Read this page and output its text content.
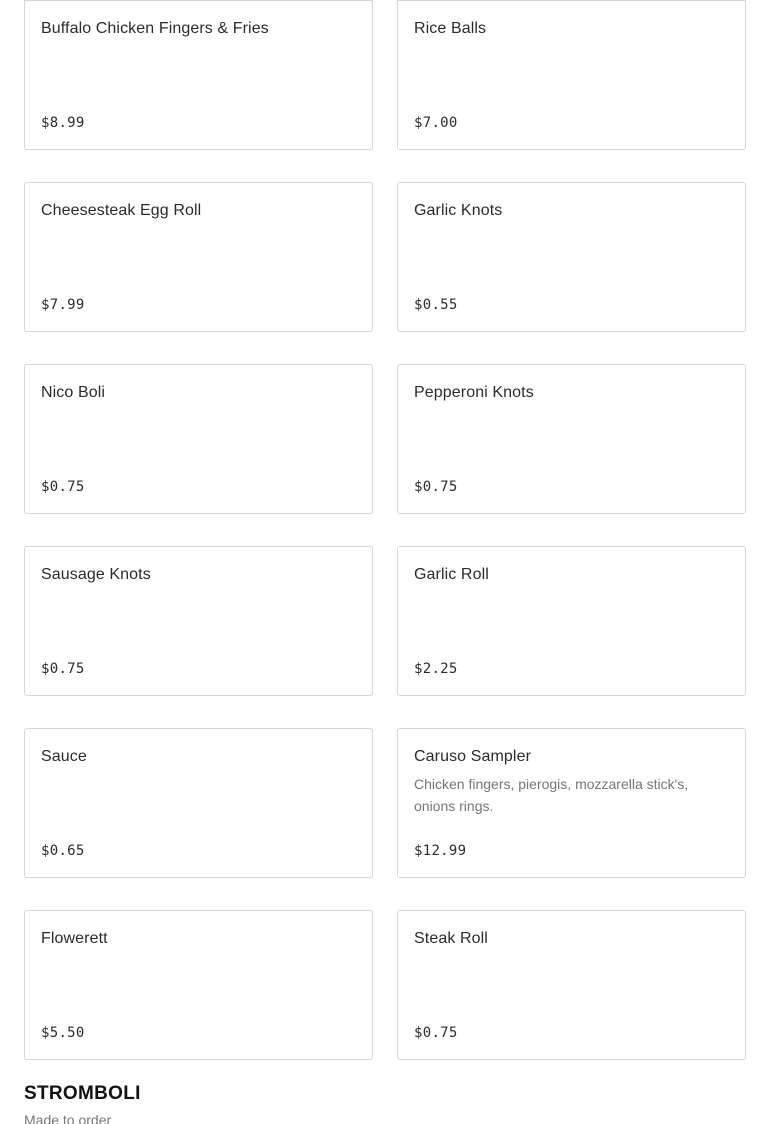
Buffalo Chicken Fingers & Fries
$8.99
Rice Balls
$7.00
Cheesesteak Egg Roll
$7.99
Garlic Knots
$0.55
Nico Boli
$0.75
Pepperoni Knots
$0.75
Sausage Knots
$0.75
Garlic Roll
$2.25
Sauce
$0.65
Caruso Sampler
Chicken fingers, pierogis, mozzarella stick's, onions rings.
$12.99
Flowerett
$5.50
Steak Roll
$0.75
STROMBOLI
Made to order
